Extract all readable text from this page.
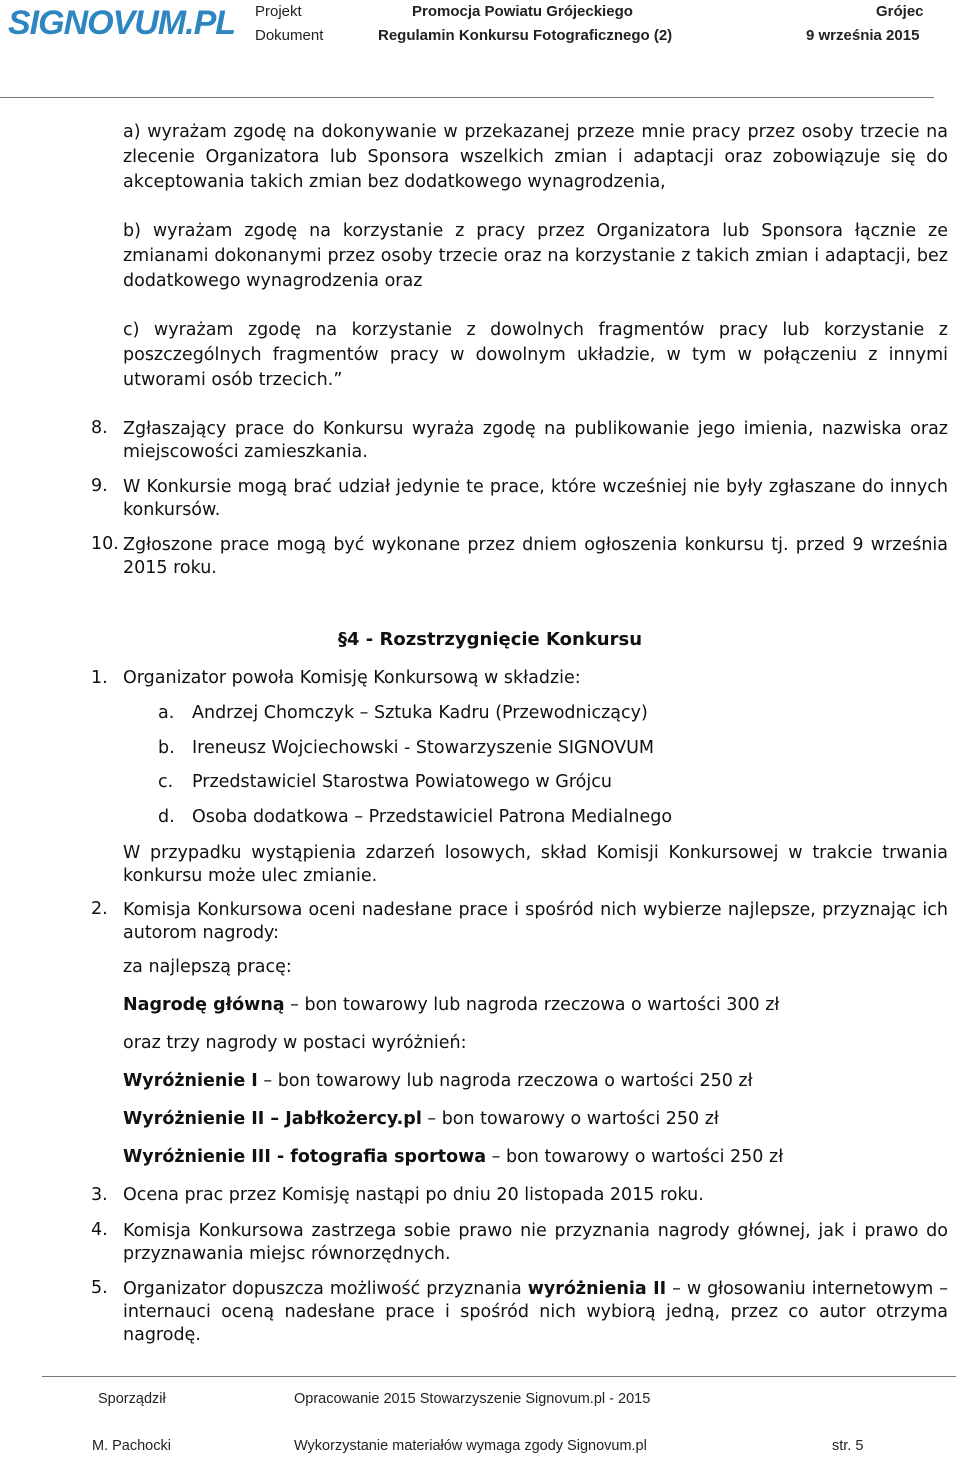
SIGNOVUM.PL Projekt	Promocja Powiatu Grójeckiego	Grójec
Dokument	Regulamin Konkursu Fotograficznego (2)	9 września 2015
a) wyrażam zgodę na dokonywanie w przekazanej przeze mnie pracy przez osoby trzecie na zlecenie Organizatora lub Sponsora wszelkich zmian i adaptacji oraz zobowiązuje się do akceptowania takich zmian bez dodatkowego wynagrodzenia,
b) wyrażam zgodę na korzystanie z pracy przez Organizatora lub Sponsora łącznie ze zmianami dokonanymi przez osoby trzecie oraz na korzystanie z takich zmian i adaptacji, bez dodatkowego wynagrodzenia oraz
c) wyrażam zgodę na korzystanie z dowolnych fragmentów pracy lub korzystanie z poszczególnych fragmentów pracy w dowolnym układzie, w tym w połączeniu z innymi utworami osób trzecich.”
8. Zgłaszający prace do Konkursu wyraża zgodę na publikowanie jego imienia, nazwiska oraz miejscowości zamieszkania.
9. W Konkursie mogą brać udział jedynie te prace, które wcześniej nie były zgłaszane do innych konkursów.
10. Zgłoszone prace mogą być wykonane przez dniem ogłoszenia konkursu tj. przed 9 września 2015 roku.
§4 - Rozstrzygnięcie Konkursu
1. Organizator powoła Komisję Konkursową w składzie:
a. Andrzej Chomczyk – Sztuka Kadru (Przewodniczący)
b. Ireneusz Wojciechowski - Stowarzyszenie SIGNOVUM
c. Przedstawiciel Starostwa Powiatowego w Grójcu
d. Osoba dodatkowa – Przedstawiciel Patrona Medialnego
W przypadku wystąpienia zdarzeń losowych, skład Komisji Konkursowej w trakcie trwania konkursu może ulec zmianie.
2. Komisja Konkursowa oceni nadesłane prace i spośród nich wybierze najlepsze, przyznając ich autorom nagrody:
za najlepszą pracę:
Nagrodę główną – bon towarowy lub nagroda rzeczowa o wartości 300 zł
oraz trzy nagrody w postaci wyróżnień:
Wyróżnienie I – bon towarowy lub nagroda rzeczowa o wartości 250 zł
Wyróżnienie II – Jabłkożercy.pl – bon towarowy o wartości 250 zł
Wyróżnienie III - fotografia sportowa – bon towarowy o wartości 250 zł
3. Ocena prac przez Komisję nastąpi po dniu 20 listopada 2015 roku.
4. Komisja Konkursowa zastrzega sobie prawo nie przyznania nagrody głównej, jak i prawo do przyznawania miejsc równorzędnych.
5. Organizator dopuszcza możliwość przyznania wyróżnienia II – w głosowaniu internetowym – internauci oceną nadesłane prace i spośród nich wybiorą jedną, przez co autor otrzyma nagrodę.
Sporządził	Opracowanie 2015 Stowarzyszenie Signovum.pl - 2015
M. Pachocki	Wykorzystanie materiałów wymaga zgody Signovum.pl	str. 5
